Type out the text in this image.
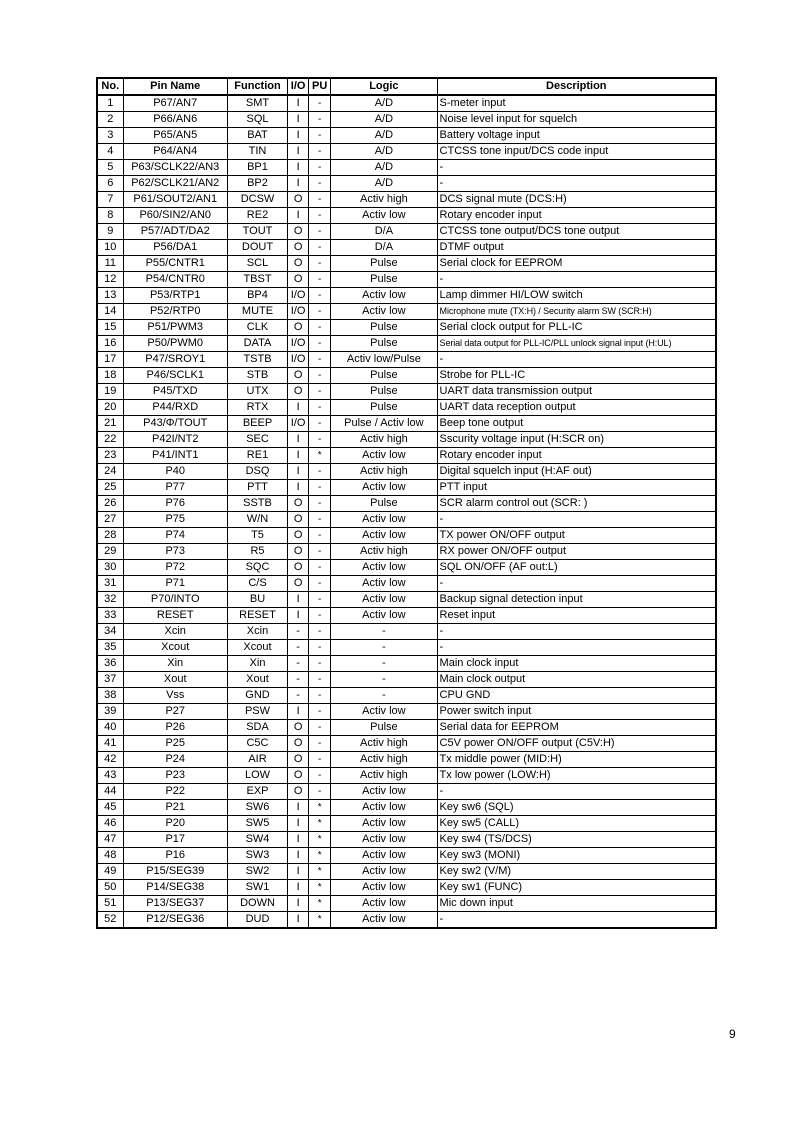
No.	Pin Name	Function	I/O	PU	Logic	Description
1	P67/AN7	SMT	I	-	A/D	S-meter input
2	P66/AN6	SQL	I	-	A/D	Noise level input for squelch
3	P65/AN5	BAT	I	-	A/D	Battery voltage input
4	P64/AN4	TIN	I	-	A/D	CTCSS tone input/DCS code input
5	P63/SCLK22/AN3	BP1	I	-	A/D	-
6	P62/SCLK21/AN2	BP2	I	-	A/D	-
7	P61/SOUT2/AN1	DCSW	O	-	Activ high	DCS signal mute (DCS:H)
8	P60/SIN2/AN0	RE2	I	-	Activ low	Rotary encoder input
9	P57/ADT/DA2	TOUT	O	-	D/A	CTCSS tone output/DCS tone output
10	P56/DA1	DOUT	O	-	D/A	DTMF output
11	P55/CNTR1	SCL	O	-	Pulse	Serial clock for EEPROM
12	P54/CNTR0	TBST	O	-	Pulse	-
13	P53/RTP1	BP4	I/O	-	Activ low	Lamp dimmer HI/LOW switch
14	P52/RTP0	MUTE	I/O	-	Activ low	Microphone mute (TX:H) / Security alarm SW (SCR:H)
15	P51/PWM3	CLK	O	-	Pulse	Serial clock output for PLL-IC
16	P50/PWM0	DATA	I/O	-	Pulse	Serial data output for PLL-IC/PLL unlock signal input (H:UL)
17	P47/SROY1	TSTB	I/O	-	Activ low/Pulse	-
18	P46/SCLK1	STB	O	-	Pulse	Strobe for PLL-IC
19	P45/TXD	UTX	O	-	Pulse	UART data transmission output
20	P44/RXD	RTX	I	-	Pulse	UART data reception output
21	P43/Φ/TOUT	BEEP	I/O	-	Pulse / Activ low	Beep tone output
22	P42I/NT2	SEC	I	-	Activ high	Sscurity voltage input (H:SCR on)
23	P41/INT1	RE1	I	*	Activ low	Rotary encoder input
24	P40	DSQ	I	-	Activ high	Digital squelch input (H:AF out)
25	P77	PTT	I	-	Activ low	PTT input
26	P76	SSTB	O	-	Pulse	SCR alarm control out (SCR: )
27	P75	W/N	O	-	Activ low	-
28	P74	T5	O	-	Activ low	TX power ON/OFF output
29	P73	R5	O	-	Activ high	RX power ON/OFF output
30	P72	SQC	O	-	Activ low	SQL ON/OFF (AF out:L)
31	P71	C/S	O	-	Activ low	-
32	P70/INTO	BU	I	-	Activ low	Backup signal detection input
33	RESET	RESET	I	-	Activ low	Reset input
34	Xcin	Xcin	-	-	-	-
35	Xcout	Xcout	-	-	-	-
36	Xin	Xin	-	-	-	Main clock input
37	Xout	Xout	-	-	-	Main clock output
38	Vss	GND	-	-	-	CPU GND
39	P27	PSW	I	-	Activ low	Power switch input
40	P26	SDA	O	-	Pulse	Serial data for EEPROM
41	P25	C5C	O	-	Activ high	C5V power ON/OFF output (C5V:H)
42	P24	AIR	O	-	Activ high	Tx middle power (MID:H)
43	P23	LOW	O	-	Activ high	Tx low power (LOW:H)
44	P22	EXP	O	-	Activ low	-
45	P21	SW6	I	*	Activ low	Key sw6 (SQL)
46	P20	SW5	I	*	Activ low	Key sw5 (CALL)
47	P17	SW4	I	*	Activ low	Key sw4 (TS/DCS)
48	P16	SW3	I	*	Activ low	Key sw3 (MONI)
49	P15/SEG39	SW2	I	*	Activ low	Key sw2 (V/M)
50	P14/SEG38	SW1	I	*	Activ low	Key sw1 (FUNC)
51	P13/SEG37	DOWN	I	*	Activ low	Mic down input
52	P12/SEG36	DUD	I	*	Activ low	-
9
